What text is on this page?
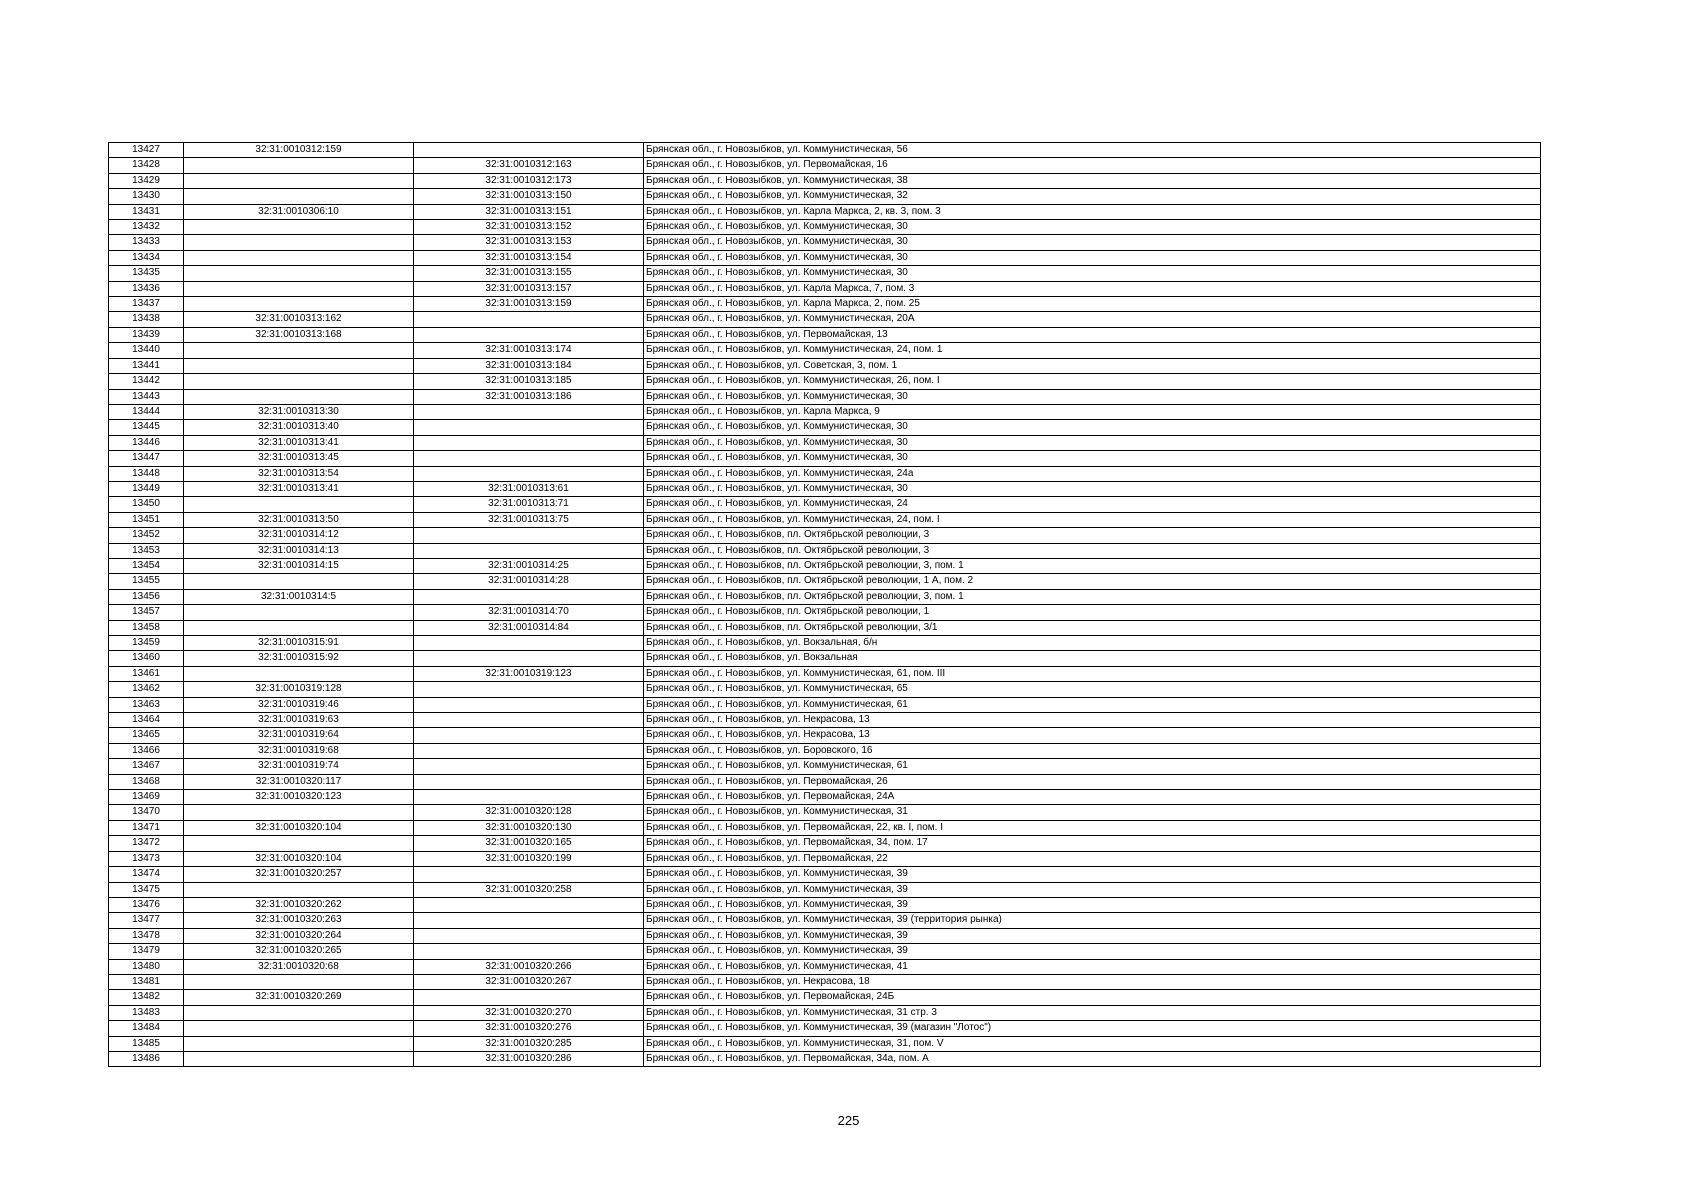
13427	32:31:0010312:159		Брянская обл., г. Новозыбков, ул. Коммунистическая, 56
13428		32:31:0010312:163	Брянская обл., г. Новозыбков, ул. Первомайская, 16
13429		32:31:0010312:173	Брянская обл., г. Новозыбков, ул. Коммунистическая, 38
13430		32:31:0010313:150	Брянская обл., г. Новозыбков, ул. Коммунистическая, 32
13431	32:31:0010306:10	32:31:0010313:151	Брянская обл., г. Новозыбков, ул. Карла Маркса, 2, кв. 3, пом. 3
13432		32:31:0010313:152	Брянская обл., г. Новозыбков, ул. Коммунистическая, 30
13433		32:31:0010313:153	Брянская обл., г. Новозыбков, ул. Коммунистическая, 30
13434		32:31:0010313:154	Брянская обл., г. Новозыбков, ул. Коммунистическая, 30
13435		32:31:0010313:155	Брянская обл., г. Новозыбков, ул. Коммунистическая, 30
13436		32:31:0010313:157	Брянская обл., г. Новозыбков, ул. Карла Маркса, 7, пом. 3
13437		32:31:0010313:159	Брянская обл., г. Новозыбков, ул. Карла Маркса, 2, пом. 25
13438	32:31:0010313:162		Брянская обл., г. Новозыбков, ул. Коммунистическая, 20А
13439	32:31:0010313:168		Брянская обл., г. Новозыбков, ул. Первомайская, 13
13440		32:31:0010313:174	Брянская обл., г. Новозыбков, ул. Коммунистическая, 24, пом. 1
13441		32:31:0010313:184	Брянская обл., г. Новозыбков, ул. Советская, 3, пом. 1
13442		32:31:0010313:185	Брянская обл., г. Новозыбков, ул. Коммунистическая, 26, пом. I
13443		32:31:0010313:186	Брянская обл., г. Новозыбков, ул. Коммунистическая, 30
13444	32:31:0010313:30		Брянская обл., г. Новозыбков, ул. Карла Маркса, 9
13445	32:31:0010313:40		Брянская обл., г. Новозыбков, ул. Коммунистическая, 30
13446	32:31:0010313:41		Брянская обл., г. Новозыбков, ул. Коммунистическая, 30
13447	32:31:0010313:45		Брянская обл., г. Новозыбков, ул. Коммунистическая, 30
13448	32:31:0010313:54		Брянская обл., г. Новозыбков, ул. Коммунистическая, 24а
13449	32:31:0010313:41	32:31:0010313:61	Брянская обл., г. Новозыбков, ул. Коммунистическая, 30
13450		32:31:0010313:71	Брянская обл., г. Новозыбков, ул. Коммунистическая, 24
13451	32:31:0010313:50	32:31:0010313:75	Брянская обл., г. Новозыбков, ул. Коммунистическая, 24, пом. I
13452	32:31:0010314:12		Брянская обл., г. Новозыбков, пл. Октябрьской революции, 3
13453	32:31:0010314:13		Брянская обл., г. Новозыбков, пл. Октябрьской революции, 3
13454	32:31:0010314:15	32:31:0010314:25	Брянская обл., г. Новозыбков, пл. Октябрьской революции, 3, пом. 1
13455		32:31:0010314:28	Брянская обл., г. Новозыбков, пл. Октябрьской революции, 1 А, пом. 2
13456	32:31:0010314:5		Брянская обл., г. Новозыбков, пл. Октябрьской революции, 3, пом. 1
13457		32:31:0010314:70	Брянская обл., г. Новозыбков, пл. Октябрьской революции, 1
13458		32:31:0010314:84	Брянская обл., г. Новозыбков, пл. Октябрьской революции, 3/1
13459	32:31:0010315:91		Брянская обл., г. Новозыбков, ул. Вокзальная, б/н
13460	32:31:0010315:92		Брянская обл., г. Новозыбков, ул. Вокзальная
13461		32:31:0010319:123	Брянская обл., г. Новозыбков, ул. Коммунистическая, 61, пом. III
13462	32:31:0010319:128		Брянская обл., г. Новозыбков, ул. Коммунистическая, 65
13463	32:31:0010319:46		Брянская обл., г. Новозыбков, ул. Коммунистическая, 61
13464	32:31:0010319:63		Брянская обл., г. Новозыбков, ул. Некрасова, 13
13465	32:31:0010319:64		Брянская обл., г. Новозыбков, ул. Некрасова, 13
13466	32:31:0010319:68		Брянская обл., г. Новозыбков, ул. Боровского, 16
13467	32:31:0010319:74		Брянская обл., г. Новозыбков, ул. Коммунистическая, 61
13468	32:31:0010320:117		Брянская обл., г. Новозыбков, ул. Первомайская, 26
13469	32:31:0010320:123		Брянская обл., г. Новозыбков, ул. Первомайская, 24А
13470		32:31:0010320:128	Брянская обл., г. Новозыбков, ул. Коммунистическая, 31
13471	32:31:0010320:104	32:31:0010320:130	Брянская обл., г. Новозыбков, ул. Первомайская, 22, кв. I, пом. I
13472		32:31:0010320:165	Брянская обл., г. Новозыбков, ул. Первомайская, 34, пом. 17
13473	32:31:0010320:104	32:31:0010320:199	Брянская обл., г. Новозыбков, ул. Первомайская, 22
13474	32:31:0010320:257		Брянская обл., г. Новозыбков, ул. Коммунистическая, 39
13475		32:31:0010320:258	Брянская обл., г. Новозыбков, ул. Коммунистическая, 39
13476	32:31:0010320:262		Брянская обл., г. Новозыбков, ул. Коммунистическая, 39
13477	32:31:0010320:263		Брянская обл., г. Новозыбков, ул. Коммунистическая, 39 (территория рынка)
13478	32:31:0010320:264		Брянская обл., г. Новозыбков, ул. Коммунистическая, 39
13479	32:31:0010320:265		Брянская обл., г. Новозыбков, ул. Коммунистическая, 39
13480	32:31:0010320:68	32:31:0010320:266	Брянская обл., г. Новозыбков, ул. Коммунистическая, 41
13481		32:31:0010320:267	Брянская обл., г. Новозыбков, ул. Некрасова, 18
13482	32:31:0010320:269		Брянская обл., г. Новозыбков, ул. Первомайская, 24Б
13483		32:31:0010320:270	Брянская обл., г. Новозыбков, ул. Коммунистическая, 31 стр. 3
13484		32:31:0010320:276	Брянская обл., г. Новозыбков, ул. Коммунистическая, 39 (магазин "Лотос")
13485		32:31:0010320:285	Брянская обл., г. Новозыбков, ул. Коммунистическая, 31, пом. V
13486		32:31:0010320:286	Брянская обл., г. Новозыбков, ул. Первомайская, 34а, пом. А
225
